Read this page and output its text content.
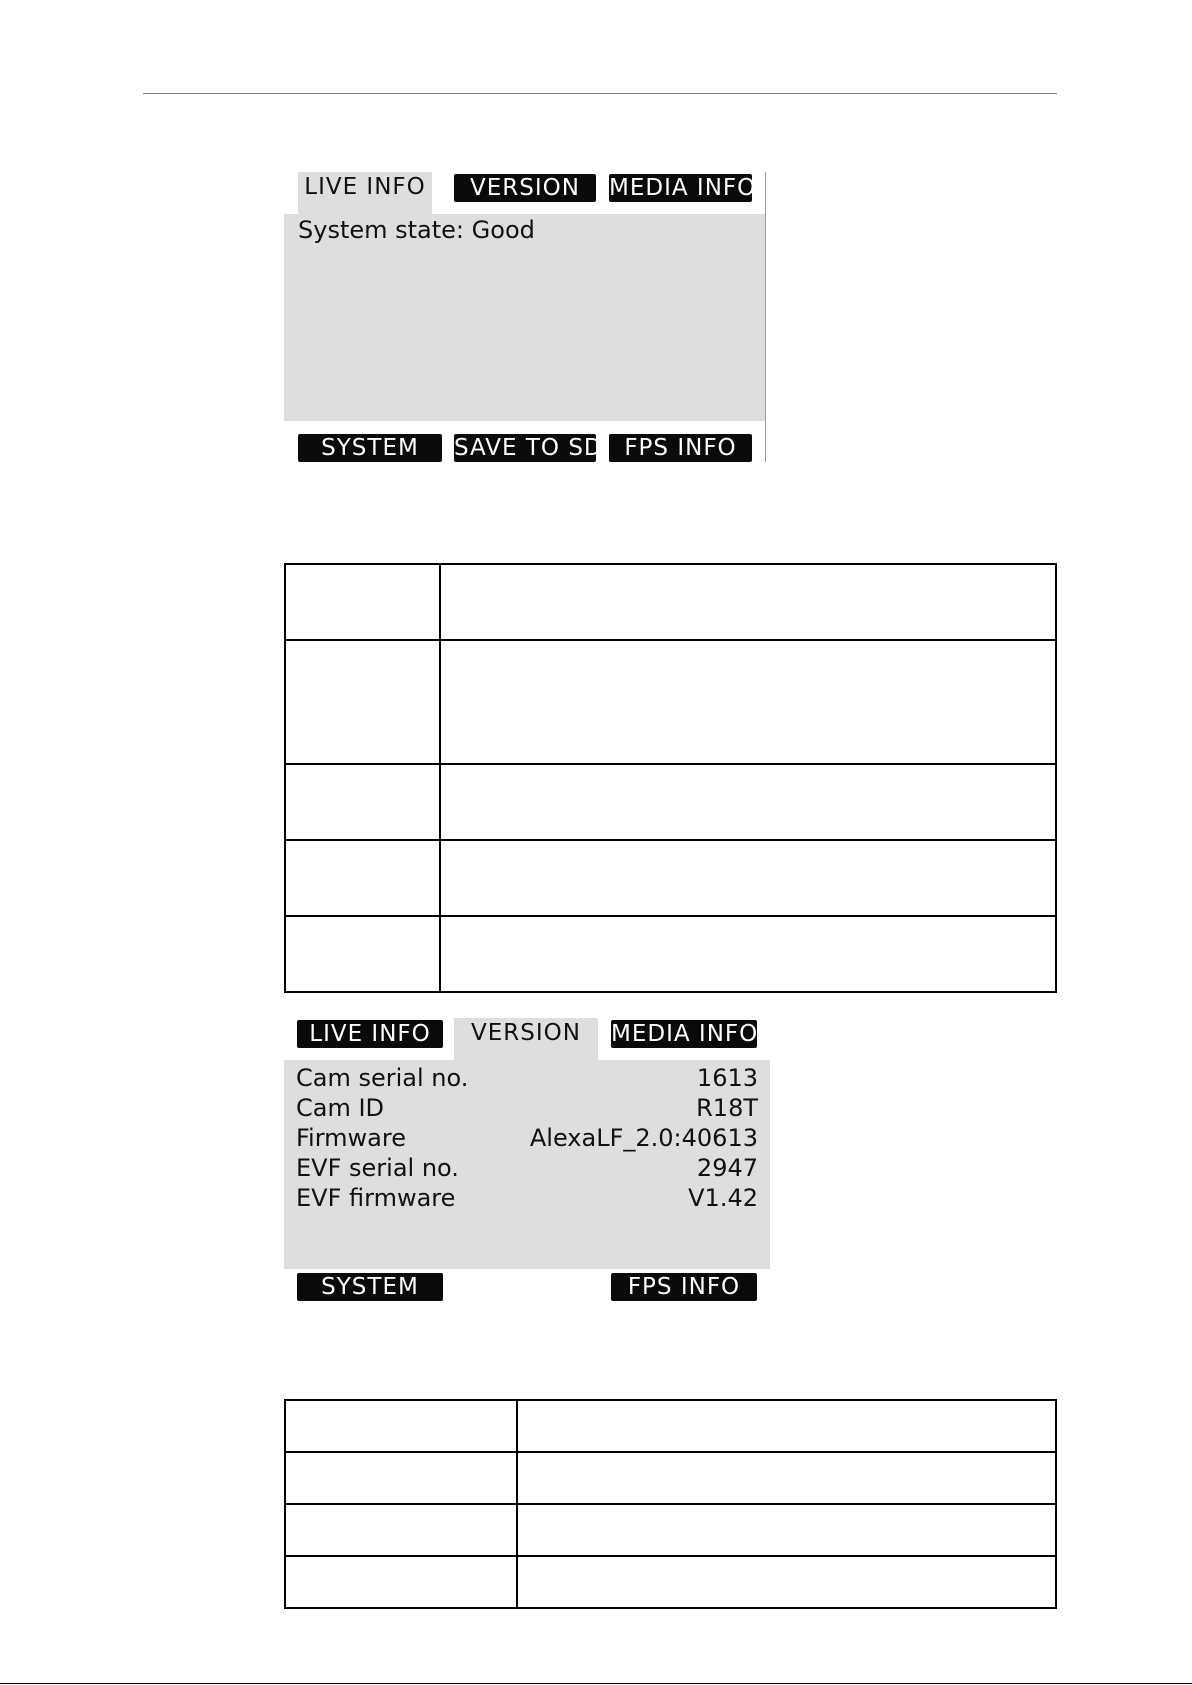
LIVE INFO	VERSION	MEDIA INFO
System state: Good
SYSTEM	SAVE TO SD FPS INFO

LIVE INFO	VERSION	MEDIA INFO
Cam serial no.	1613
Cam ID	R18T
Firmware	AlexaLF_2.0:40613
EVF serial no.	2947
EVF firmware	V1.42
SYSTEM	FPS INFO
